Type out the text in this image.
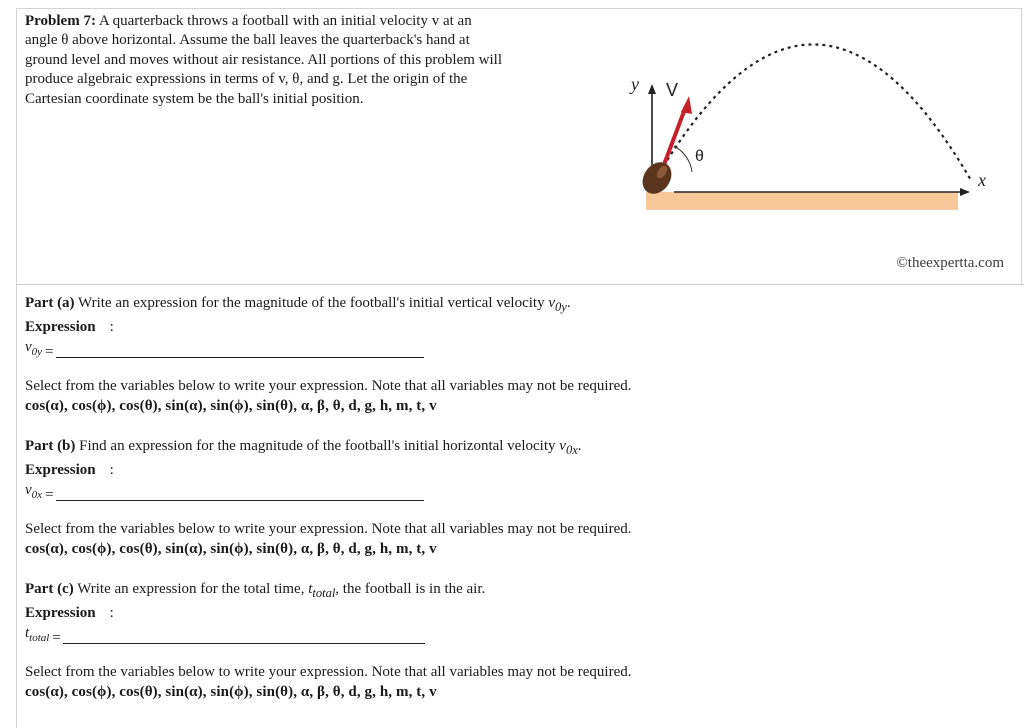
Problem 7: A quarterback throws a football with an initial velocity v at an
angle θ above horizontal. Assume the ball leaves the quarterback's hand at
ground level and moves without air resistance. All portions of this problem will
produce algebraic expressions in terms of v, θ, and g. Let the origin of the
Cartesian coordinate system be the ball's initial position.
y V
θ
x
©theexpertta.com
Part (a) Write an expression for the magnitude of the football's initial vertical velocity $v_{0y}$.
Expression :
$v_{0y}$ =
Select from the variables below to write your expression. Note that all variables may not be required.
cos(α), cos(ϕ), cos(θ), sin(α), sin(ϕ), sin(θ), α, β, θ, d, g, h, m, t, v
Part (b) Find an expression for the magnitude of the football's initial horizontal velocity $v_{0x}$.
Expression :
$v_{0x}$ =
Select from the variables below to write your expression. Note that all variables may not be required.
cos(α), cos(ϕ), cos(θ), sin(α), sin(ϕ), sin(θ), α, β, θ, d, g, h, m, t, v
Part (c) Write an expression for the total time, $t_{total}$, the football is in the air.
Expression :
$t_{total}$ =
Select from the variables below to write your expression. Note that all variables may not be required.
cos(α), cos(ϕ), cos(θ), sin(α), sin(ϕ), sin(θ), α, β, θ, d, g, h, m, t, v
